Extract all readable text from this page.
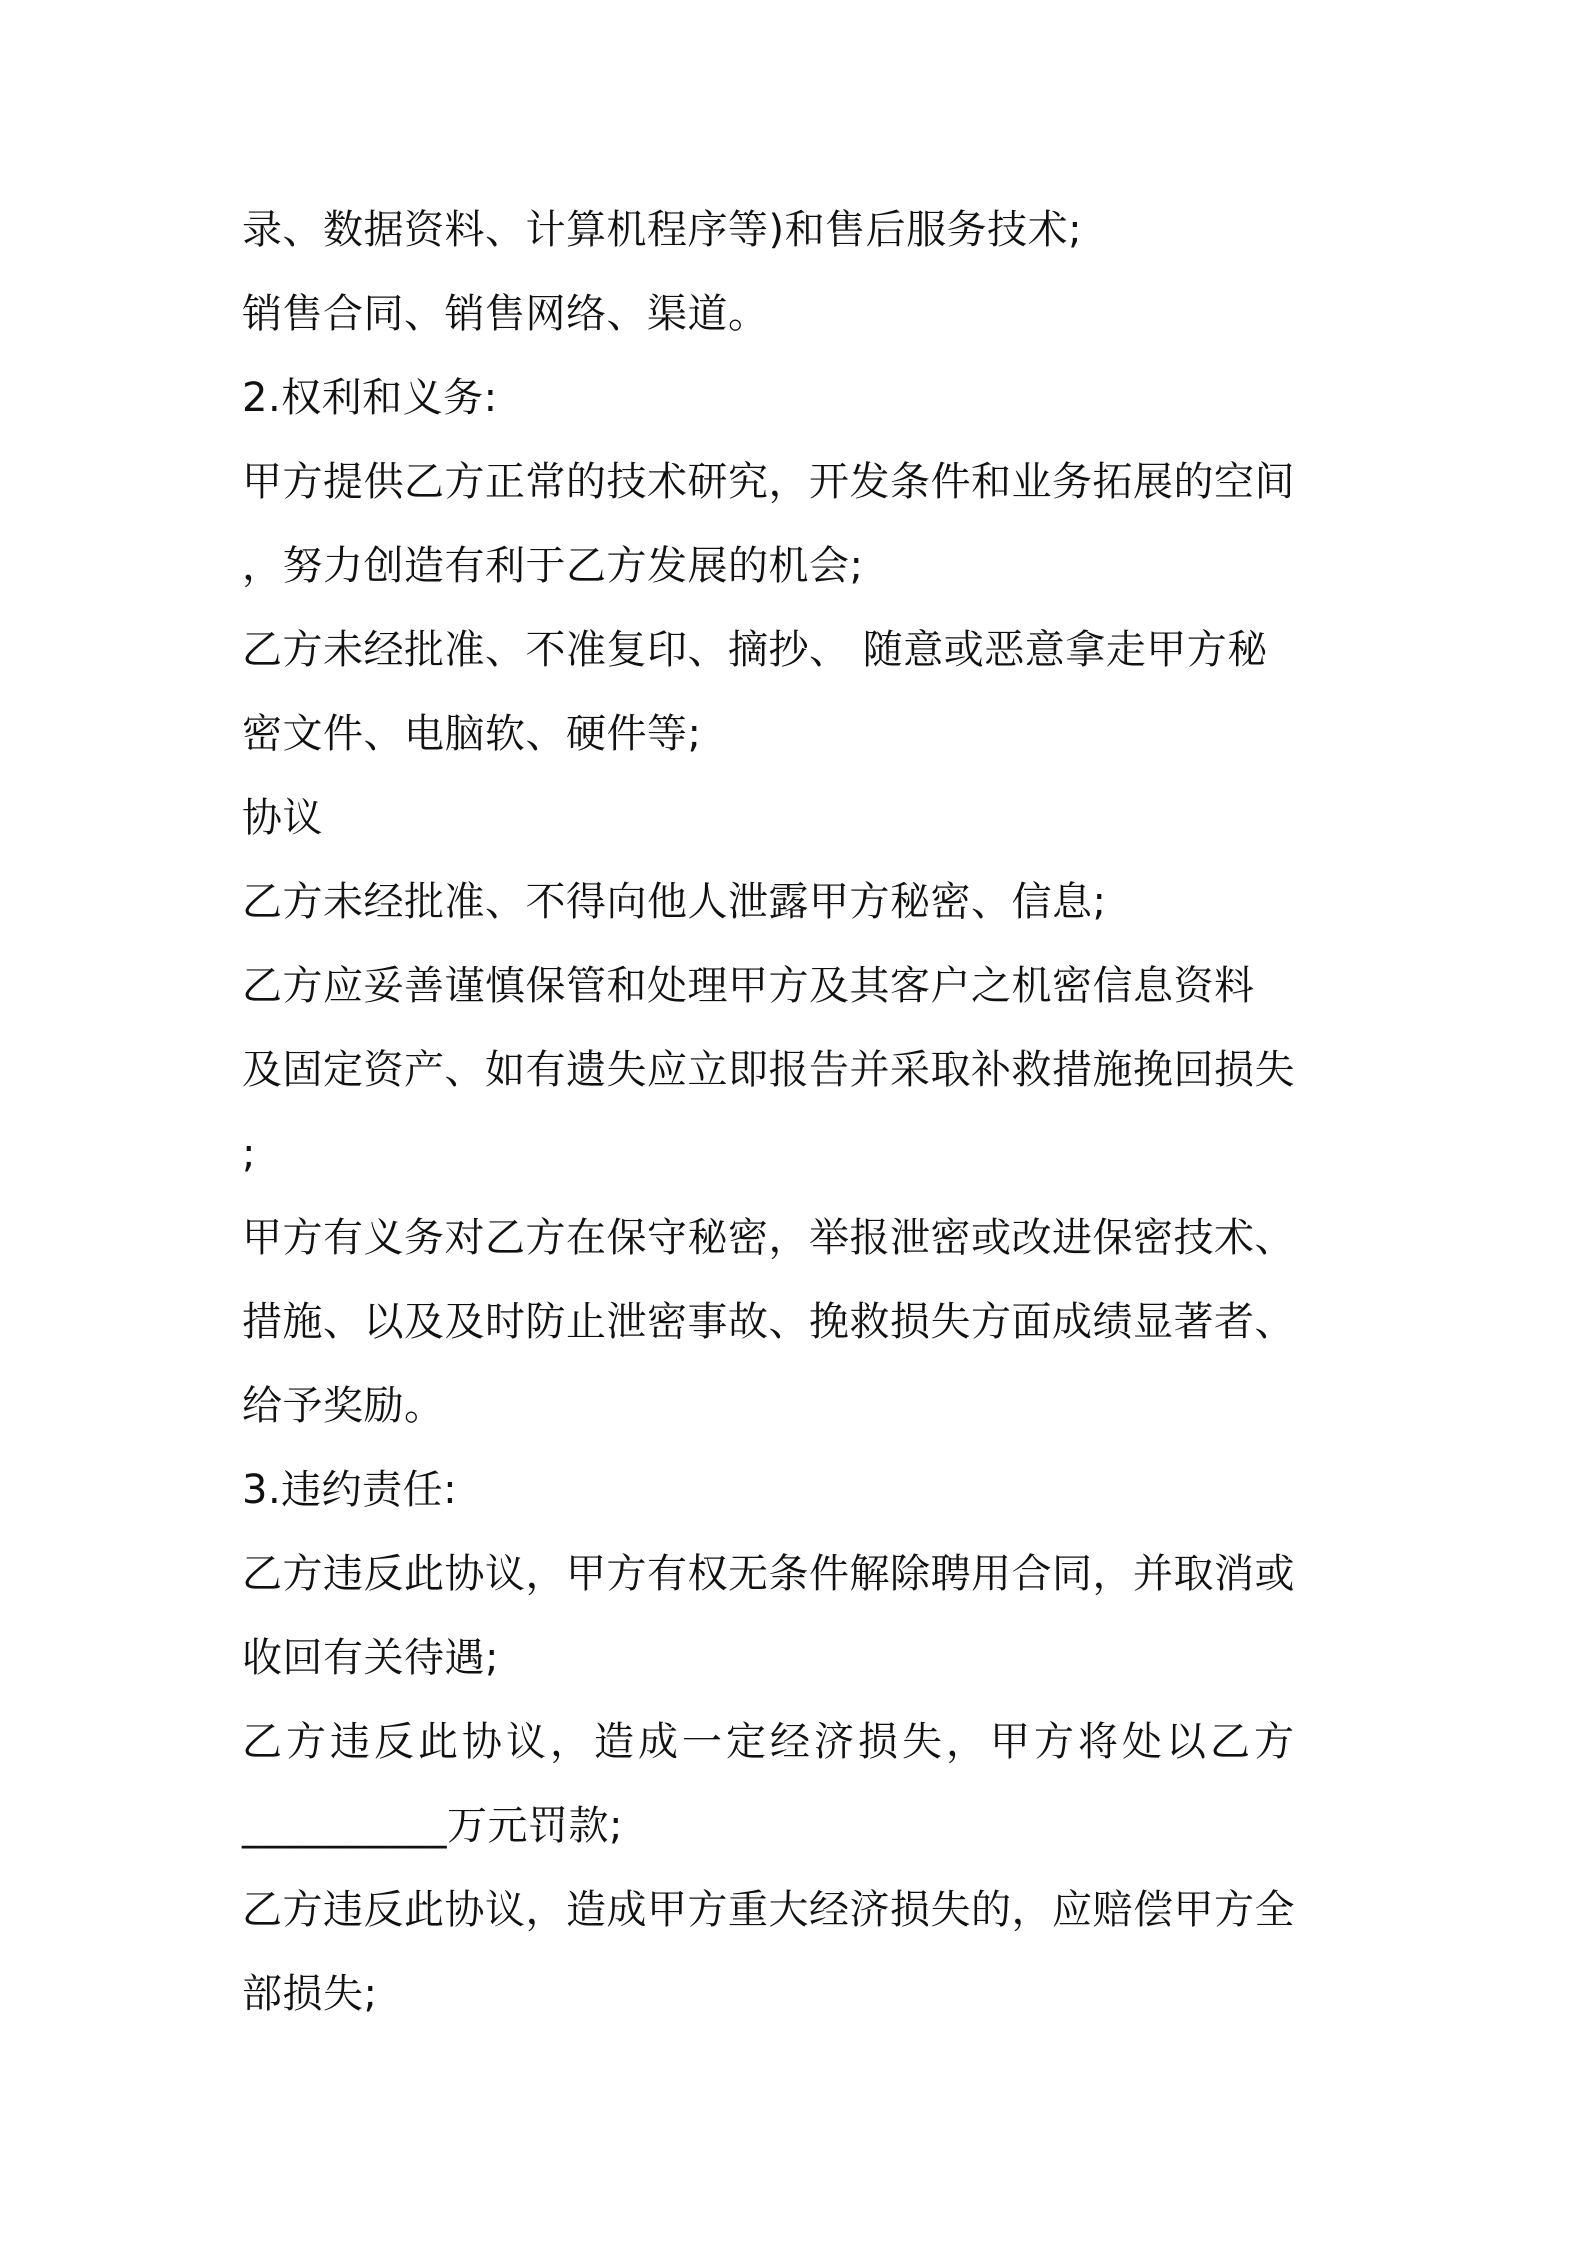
录、数据资料、计算机程序等)和售后服务技术;
销售合同、销售网络、渠道。
2.权利和义务:
甲方提供乙方正常的技术研究，开发条件和业务拓展的空间
，努力创造有利于乙方发展的机会;
乙方未经批准、不准复印、摘抄、 随意或恶意拿走甲方秘
密文件、电脑软、硬件等;
协议
乙方未经批准、不得向他人泄露甲方秘密、信息;
乙方应妥善谨慎保管和处理甲方及其客户之机密信息资料
及固定资产、如有遗失应立即报告并采取补救措施挽回损失
;
甲方有义务对乙方在保守秘密，举报泄密或改进保密技术、
措施、以及及时防止泄密事故、挽救损失方面成绩显著者、
给予奖励。
3.违约责任:
乙方违反此协议，甲方有权无条件解除聘用合同，并取消或
收回有关待遇;
乙方违反此协议，造成一定经济损失，甲方将处以乙方
__________万元罚款;
乙方违反此协议，造成甲方重大经济损失的，应赔偿甲方全
部损失;
